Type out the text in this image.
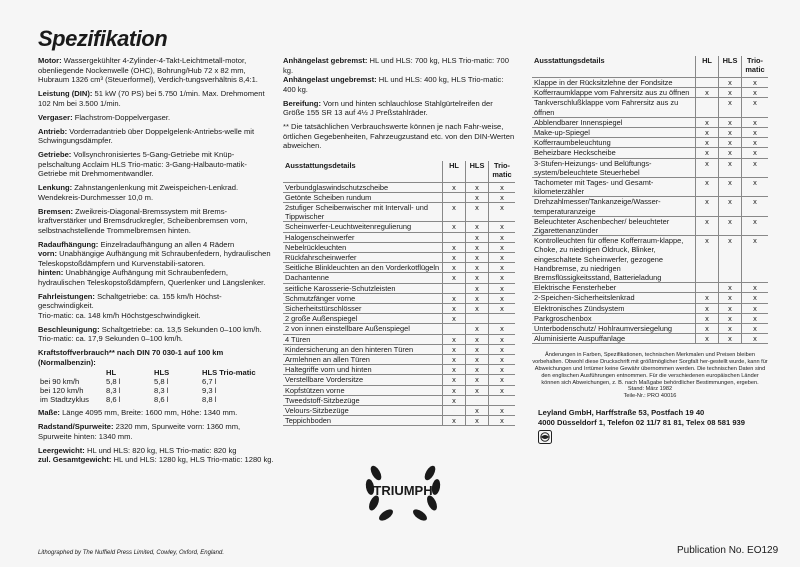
Spezifikation

Motor: Wassergekühlter 4-Zylinder-4-Takt-Leichtmetall-motor, obenliegende Nockenwelle (OHC), Bohrung/Hub 72 x 82 mm, Hubraum 1326 cm³ (Steuerformel), Verdich-tungsverhältnis 8,4:1.

Leistung (DIN): 51 kW (70 PS) bei 5.750 1/min. Max. Drehmoment 102 Nm bei 3.500 1/min.

Vergaser: Flachstrom-Doppelvergaser.

Antrieb: Vorderradantrieb über Doppelgelenk-Antriebs-welle mit Schwingungsdämpfer.

Getriebe: Vollsynchronisiertes 5-Gang-Getriebe mit Knüp-pelschaltung Acclaim HLS Trio-matic: 3-Gang-Halbauto-matik-Getriebe mit Drehmomentwandler.

Lenkung: Zahnstangenlenkung mit Zweispeichen-Lenkrad. Wendekreis-Durchmesser 10,0 m.

Bremsen: Zweikreis-Diagonal-Bremssystem mit Brems-kraftverstärker und Bremsdruckregler, Scheibenbremsen vorn, selbstnachstellende Trommelbremsen hinten.

Radaufhängung: Einzelradaufhängung an allen 4 Rädern
vorn: Unabhängige Aufhängung mit Schraubenfedern, hydraulischen Teleskopstoßdämpfern und Kurvenstabili-satoren.

hinten: Unabhängige Aufhängung mit Schraubenfedern, hydraulischen Teleskopstoßdämpfern, Querlenker und Längslenker.

Fahrleistungen: Schaltgetriebe: ca. 155 km/h Höchst-geschwindigkeit.
Trio-matic: ca. 148 km/h Höchstgeschwindigkeit.

Beschleunigung: Schaltgetriebe: ca. 13,5 Sekunden 0–100 km/h. Trio-matic: ca. 17,9 Sekunden 0–100 km/h.

Kraftstoffverbrauch** nach DIN 70 030-1 auf 100 km (Normalbenzin):
	HL	HLS	HLS Trio-matic
bei 90 km/h	5,8 l	5,8 l	6,7 l
bei 120 km/h	8,3 l	8,3 l	9,3 l
im Stadtzyklus	8,6 l	8,6 l	8,8 l

Maße: Länge 4095 mm, Breite: 1600 mm, Höhe: 1340 mm.

Radstand/Spurweite: 2320 mm, Spurweite vorn: 1360 mm, Spurweite hinten: 1340 mm.

Leergewicht: HL und HLS: 820 kg, HLS Trio-matic: 820 kg
zul. Gesamtgewicht: HL und HLS: 1280 kg, HLS Trio-matic: 1280 kg.

Anhängelast gebremst: HL und HLS: 700 kg, HLS Trio-matic: 700 kg.

Anhängelast ungebremst: HL und HLS: 400 kg, HLS Trio-matic: 400 kg.

Bereifung: Vorn und hinten schlauchlose Stahlgürtelreifen der Größe 155 SR 13 auf 4½ J Preßstahlräder.

** Die tatsächlichen Verbrauchswerte können je nach Fahr-weise, örtlichen Gegebenheiten, Fahrzeugzustand etc. von den DIN-Werten abweichen.

Ausstattungsdetails	HL	HLS	Trio-matic
Verbundglaswindschutzscheibe	x	x	x
Getönte Scheiben rundum		x	x
2stufiger Scheibenwischer mit Intervall- und Tippwischer	x	x	x
Scheinwerfer-Leuchtweitenregulierung	x	x	x
Halogenscheinwerfer		x	x
Nebelrückleuchten	x	x	x
Rückfahrscheinwerfer	x	x	x
Seitliche Blinkleuchten an den Vorderkotflügeln	x	x	x
Dachantenne	x	x	x
seitliche Karosserie-Schutzleisten		x	x
Schmutzfänger vorne	x	x	x
Sicherheitstürschlösser	x	x	x
2 große Außenspiegel	x		
2 von innen einstellbare Außenspiegel		x	x
4 Türen	x	x	x
Kindersicherung an den hinteren Türen	x	x	x
Armlehnen an allen Türen	x	x	x
Haltegriffe vorn und hinten	x	x	x
Verstellbare Vordersitze	x	x	x
Kopfstützen vorne	x	x	x
Tweedstoff-Sitzbezüge	x		
Velours-Sitzbezüge		x	x
Teppichboden	x	x	x
Ausstattungsdetails	HL	HLS	Trio-matic
Klappe in der Rücksitzlehne der Fondsitze		x	x
Kofferraumklappe vom Fahrersitz aus zu öffnen	x	x	x
Tankverschlußklappe vom Fahrersitz aus zu öffnen		x	x
Abblendbarer Innenspiegel	x	x	x
Make-up-Spiegel	x	x	x
Kofferraumbeleuchtung	x	x	x
Beheizbare Heckscheibe	x	x	x
3-Stufen-Heizungs- und Belüftungs-system/beleuchtete Steuerhebel	x	x	x
Tachometer mit Tages- und Gesamt-kilometerzähler	x	x	x
Drehzahlmesser/Tankanzeige/Wasser-temperaturanzeige	x	x	x
Beleuchteter Aschenbecher/ beleuchteter Zigarettenanzünder	x	x	x
Kontrolleuchten für offene Kofferraum-klappe, Choke, zu niedrigen Öldruck, Blinker, eingeschaltete Scheinwerfer, gezogene Handbremse, zu niedrigen Bremsflüssigkeitsstand, Batterieladung	x	x	x
Elektrische Fensterheber		x	x
2-Speichen-Sicherheitslenkrad	x	x	x
Elektronisches Zündsystem	x	x	x
Parkgroschenbox	x	x	x
Unterbodenschutz/ Hohlraumversiegelung	x	x	x
Aluminisierte Auspuffanlage	x	x	x

Änderungen in Farben, Spezifikationen, technischen Merkmalen und Preisen bleiben vorbehalten. Obwohl diese Druckschrift mit größtmöglicher Sorgfalt her-gestellt wurde, kann für Abweichungen und Irrtümer keine Gewähr übernommen werden. Die technischen Daten sind den englischen Ausführungen entnommen. Für die verschiedenen europäischen Länder können sich Abweichungen, z. B. nach Maßgabe behördlicher Bestimmungen, ergeben.

Stand: März 1982

Teile-Nr.: PRO 40016

Leyland GmbH, Harffstraße 53, Postfach 19 40
4000 Düsseldorf 1, Telefon 02 11/7 81 81, Telex 08 581 939
TRIUMPH
Lithographed by The Nuffield Press Limited, Cowley, Oxford, England.	Publication No. EO129
